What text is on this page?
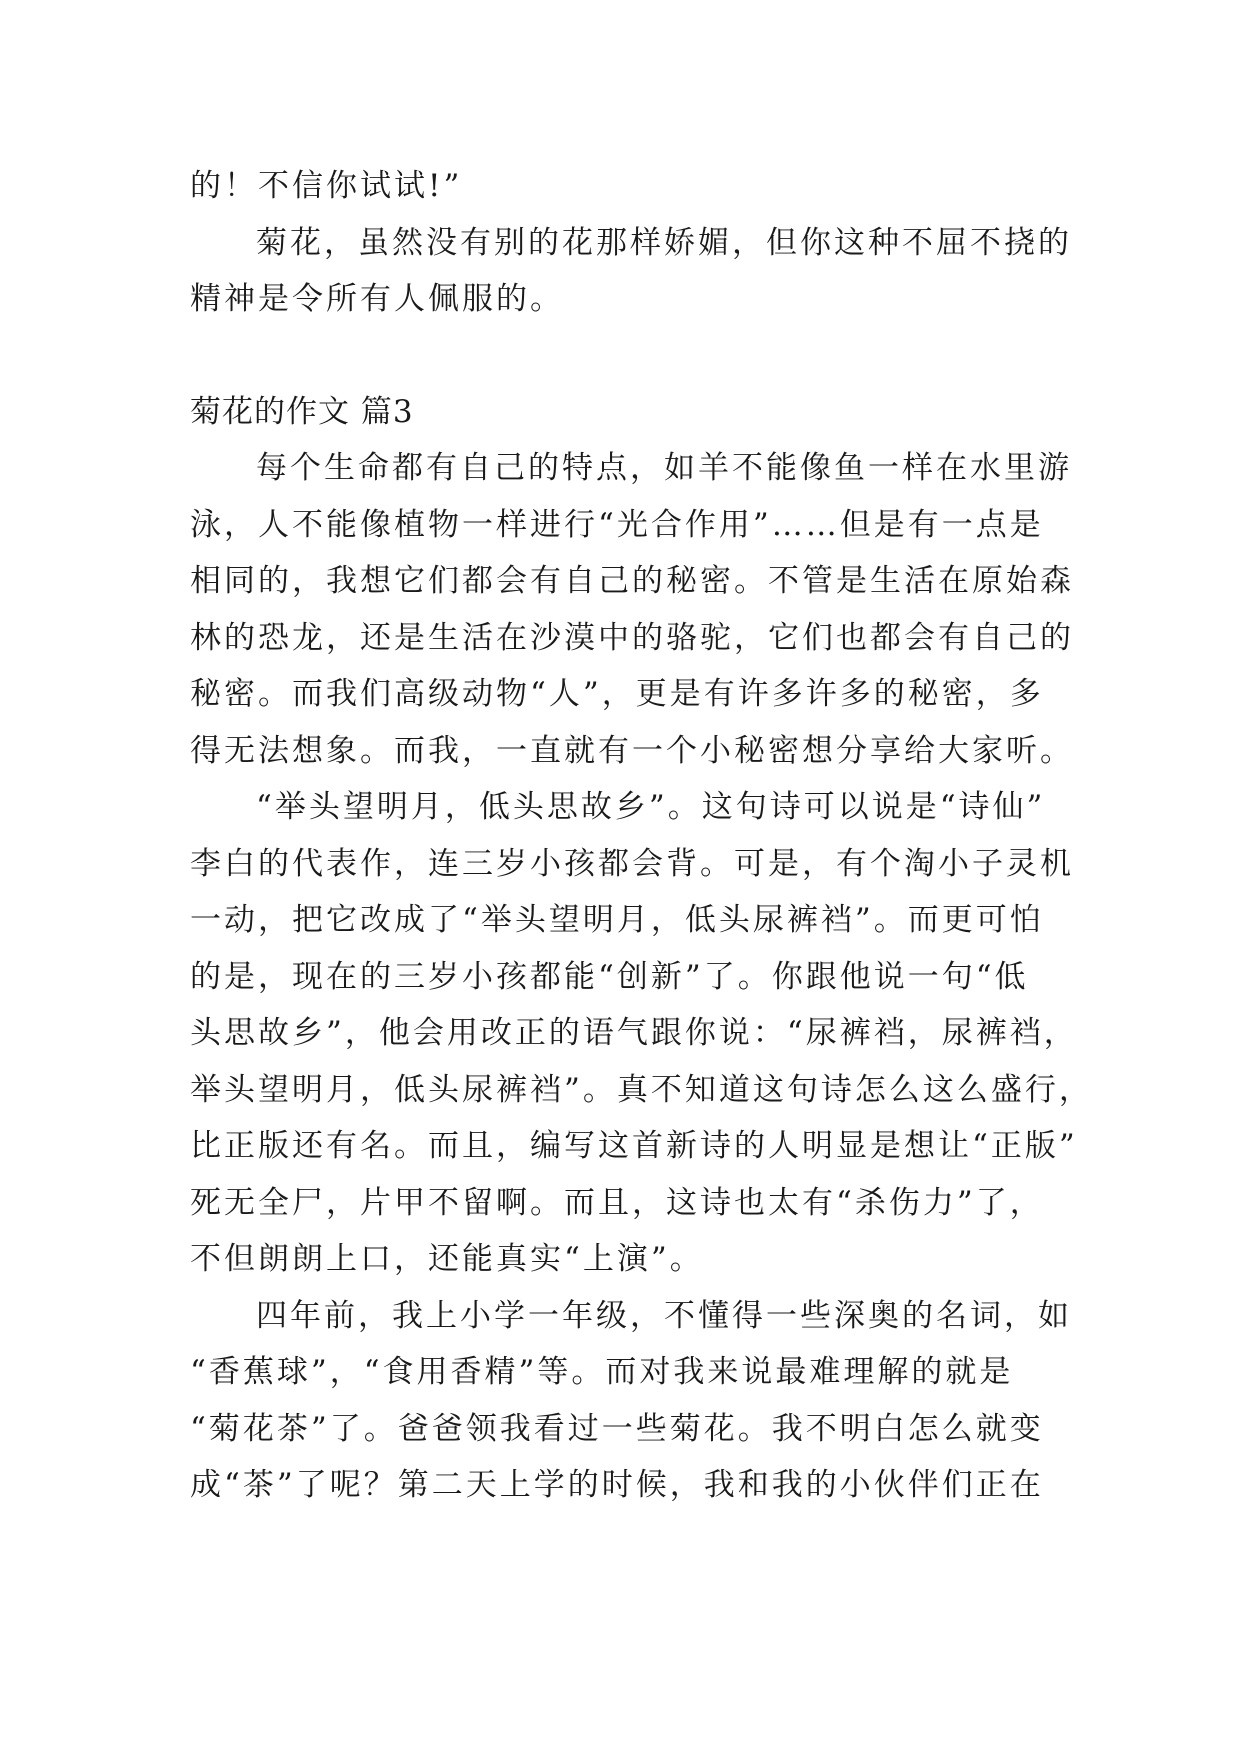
的！不信你试试!”
菊花，虽然没有别的花那样娇媚，但你这种不屈不挠的
精神是令所有人佩服的。
菊花的作文 篇3
每个生命都有自己的特点，如羊不能像鱼一样在水里游
泳，人不能像植物一样进行“光合作用”……但是有一点是
相同的，我想它们都会有自己的秘密。不管是生活在原始森
林的恐龙，还是生活在沙漠中的骆驼，它们也都会有自己的
秘密。而我们高级动物“人”，更是有许多许多的秘密，多
得无法想象。而我，一直就有一个小秘密想分享给大家听。
“举头望明月，低头思故乡”。这句诗可以说是“诗仙”
李白的代表作，连三岁小孩都会背。可是，有个淘小子灵机
一动，把它改成了“举头望明月，低头尿裤裆”。而更可怕
的是，现在的三岁小孩都能“创新”了。你跟他说一句“低
头思故乡”，他会用改正的语气跟你说：“尿裤裆，尿裤裆，
举头望明月，低头尿裤裆”。真不知道这句诗怎么这么盛行，
比正版还有名。而且，编写这首新诗的人明显是想让“正版”
死无全尸，片甲不留啊。而且，这诗也太有“杀伤力”了，
不但朗朗上口，还能真实“上演”。
四年前，我上小学一年级，不懂得一些深奥的名词，如
“香蕉球”，“食用香精”等。而对我来说最难理解的就是
“菊花茶”了。爸爸领我看过一些菊花。我不明白怎么就变
成“茶”了呢？第二天上学的时候，我和我的小伙伴们正在
